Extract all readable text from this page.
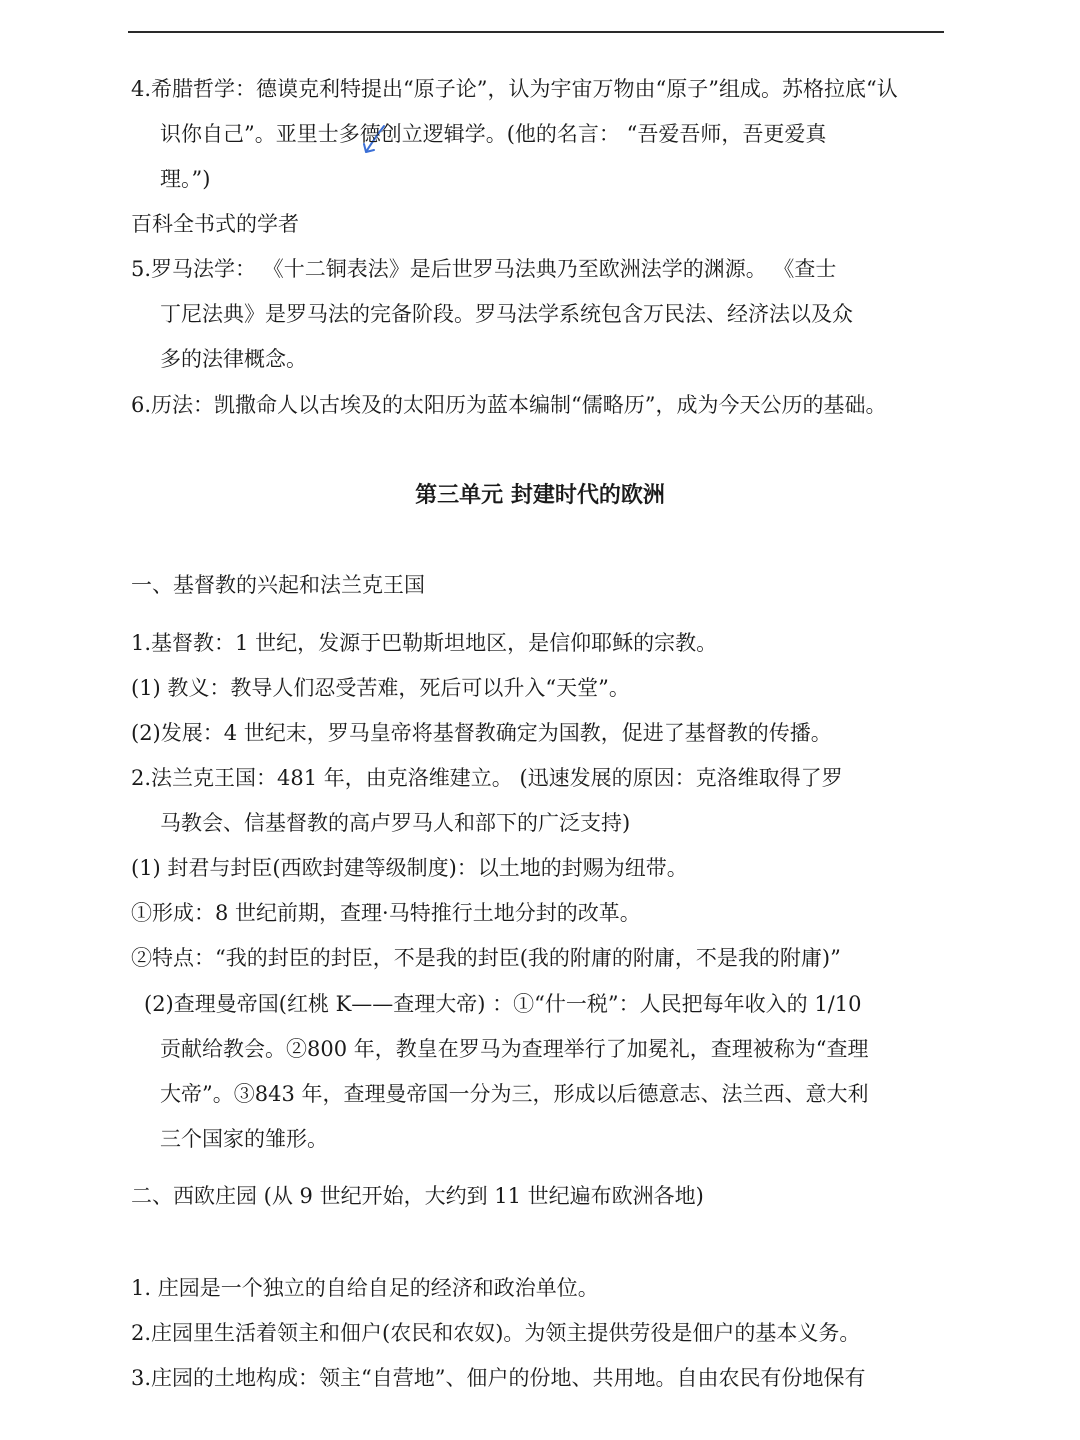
4.希腊哲学：德谟克利特提出“原子论”，认为宇宙万物由“原子”组成。苏格拉底“认
识你自己”。亚里士多德创立逻辑学。(他的名言： “吾爱吾师，吾更爱真
理。”)
百科全书式的学者
5.罗马法学： 《十二铜表法》是后世罗马法典乃至欧洲法学的渊源。 《查士
丁尼法典》是罗马法的完备阶段。罗马法学系统包含万民法、经济法以及众
多的法律概念。
6.历法：凯撒命人以古埃及的太阳历为蓝本编制“儒略历”，成为今天公历的基础。
第三单元 封建时代的欧洲
一、基督教的兴起和法兰克王国
1.基督教：1 世纪，发源于巴勒斯坦地区，是信仰耶稣的宗教。
(1) 教义：教导人们忍受苦难，死后可以升入“天堂”。
(2)发展：4 世纪末，罗马皇帝将基督教确定为国教，促进了基督教的传播。
2.法兰克王国：481 年，由克洛维建立。 (迅速发展的原因：克洛维取得了罗
马教会、信基督教的高卢罗马人和部下的广泛支持)
(1) 封君与封臣(西欧封建等级制度)：以土地的封赐为纽带。
①形成：8 世纪前期，查理·马特推行土地分封的改革。
②特点：“我的封臣的封臣，不是我的封臣(我的附庸的附庸，不是我的附庸)”
(2)查理曼帝国(红桃 K——查理大帝) ：①“什一税”：人民把每年收入的 1/10
贡献给教会。②800 年，教皇在罗马为查理举行了加冕礼，查理被称为“查理
大帝”。③843 年，查理曼帝国一分为三，形成以后德意志、法兰西、意大利
三个国家的雏形。
二、西欧庄园 (从 9 世纪开始，大约到 11 世纪遍布欧洲各地)
1. 庄园是一个独立的自给自足的经济和政治单位。
2.庄园里生活着领主和佃户(农民和农奴)。为领主提供劳役是佃户的基本义务。
3.庄园的土地构成：领主“自营地”、佃户的份地、共用地。自由农民有份地保有
